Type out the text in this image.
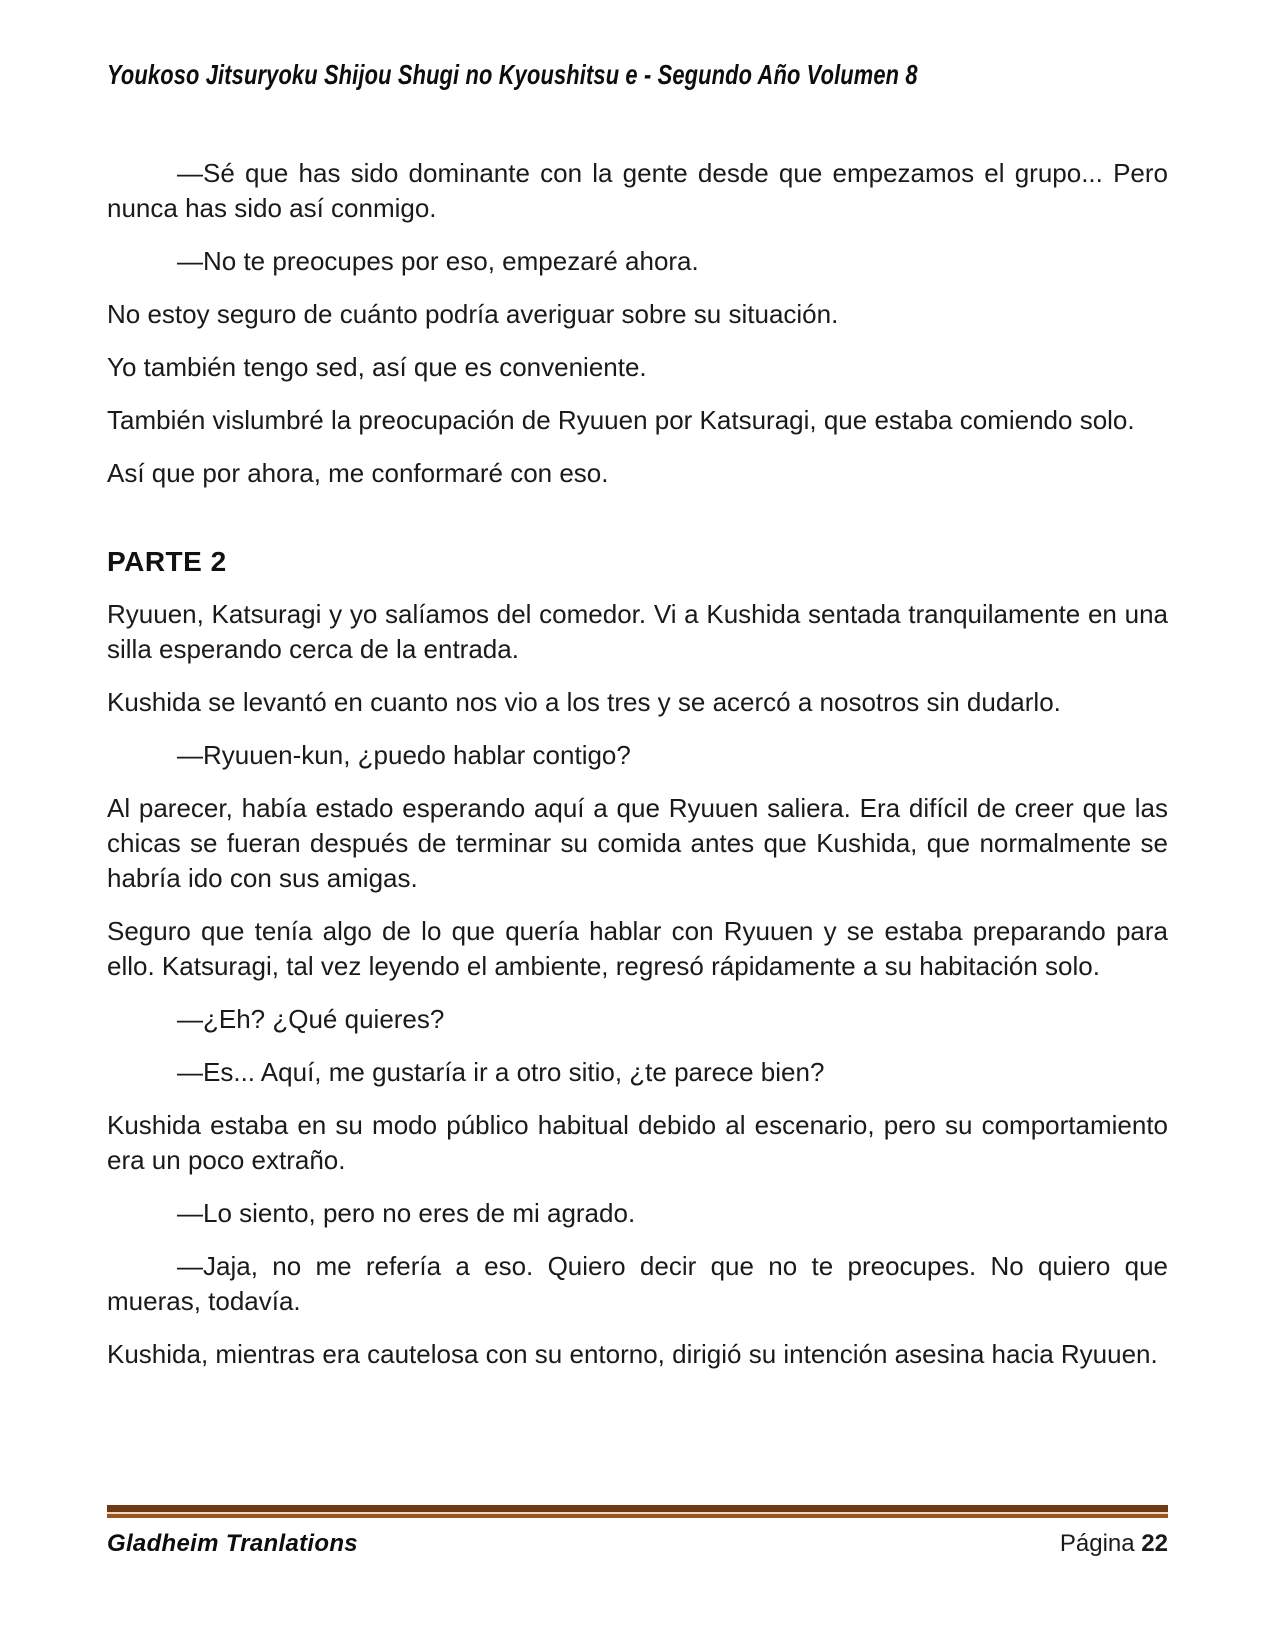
Youkoso Jitsuryoku Shijou Shugi no Kyoushitsu e - Segundo Año Volumen 8

—Sé que has sido dominante con la gente desde que empezamos el grupo... Pero nunca has sido así conmigo.

—No te preocupes por eso, empezaré ahora.

No estoy seguro de cuánto podría averiguar sobre su situación.

Yo también tengo sed, así que es conveniente.

También vislumbré la preocupación de Ryuuen por Katsuragi, que estaba comiendo solo.

Así que por ahora, me conformaré con eso.

PARTE 2

Ryuuen, Katsuragi y yo salíamos del comedor. Vi a Kushida sentada tranquilamente en una silla esperando cerca de la entrada.

Kushida se levantó en cuanto nos vio a los tres y se acercó a nosotros sin dudarlo.

—Ryuuen-kun, ¿puedo hablar contigo?

Al parecer, había estado esperando aquí a que Ryuuen saliera. Era difícil de creer que las chicas se fueran después de terminar su comida antes que Kushida, que normalmente se habría ido con sus amigas.

Seguro que tenía algo de lo que quería hablar con Ryuuen y se estaba preparando para ello. Katsuragi, tal vez leyendo el ambiente, regresó rápidamente a su habitación solo.

—¿Eh? ¿Qué quieres?

—Es... Aquí, me gustaría ir a otro sitio, ¿te parece bien?

Kushida estaba en su modo público habitual debido al escenario, pero su comportamiento era un poco extraño.

—Lo siento, pero no eres de mi agrado.

—Jaja, no me refería a eso. Quiero decir que no te preocupes. No quiero que mueras, todavía.

Kushida, mientras era cautelosa con su entorno, dirigió su intención asesina hacia Ryuuen.

Gladheim Tranlations	Página 22
